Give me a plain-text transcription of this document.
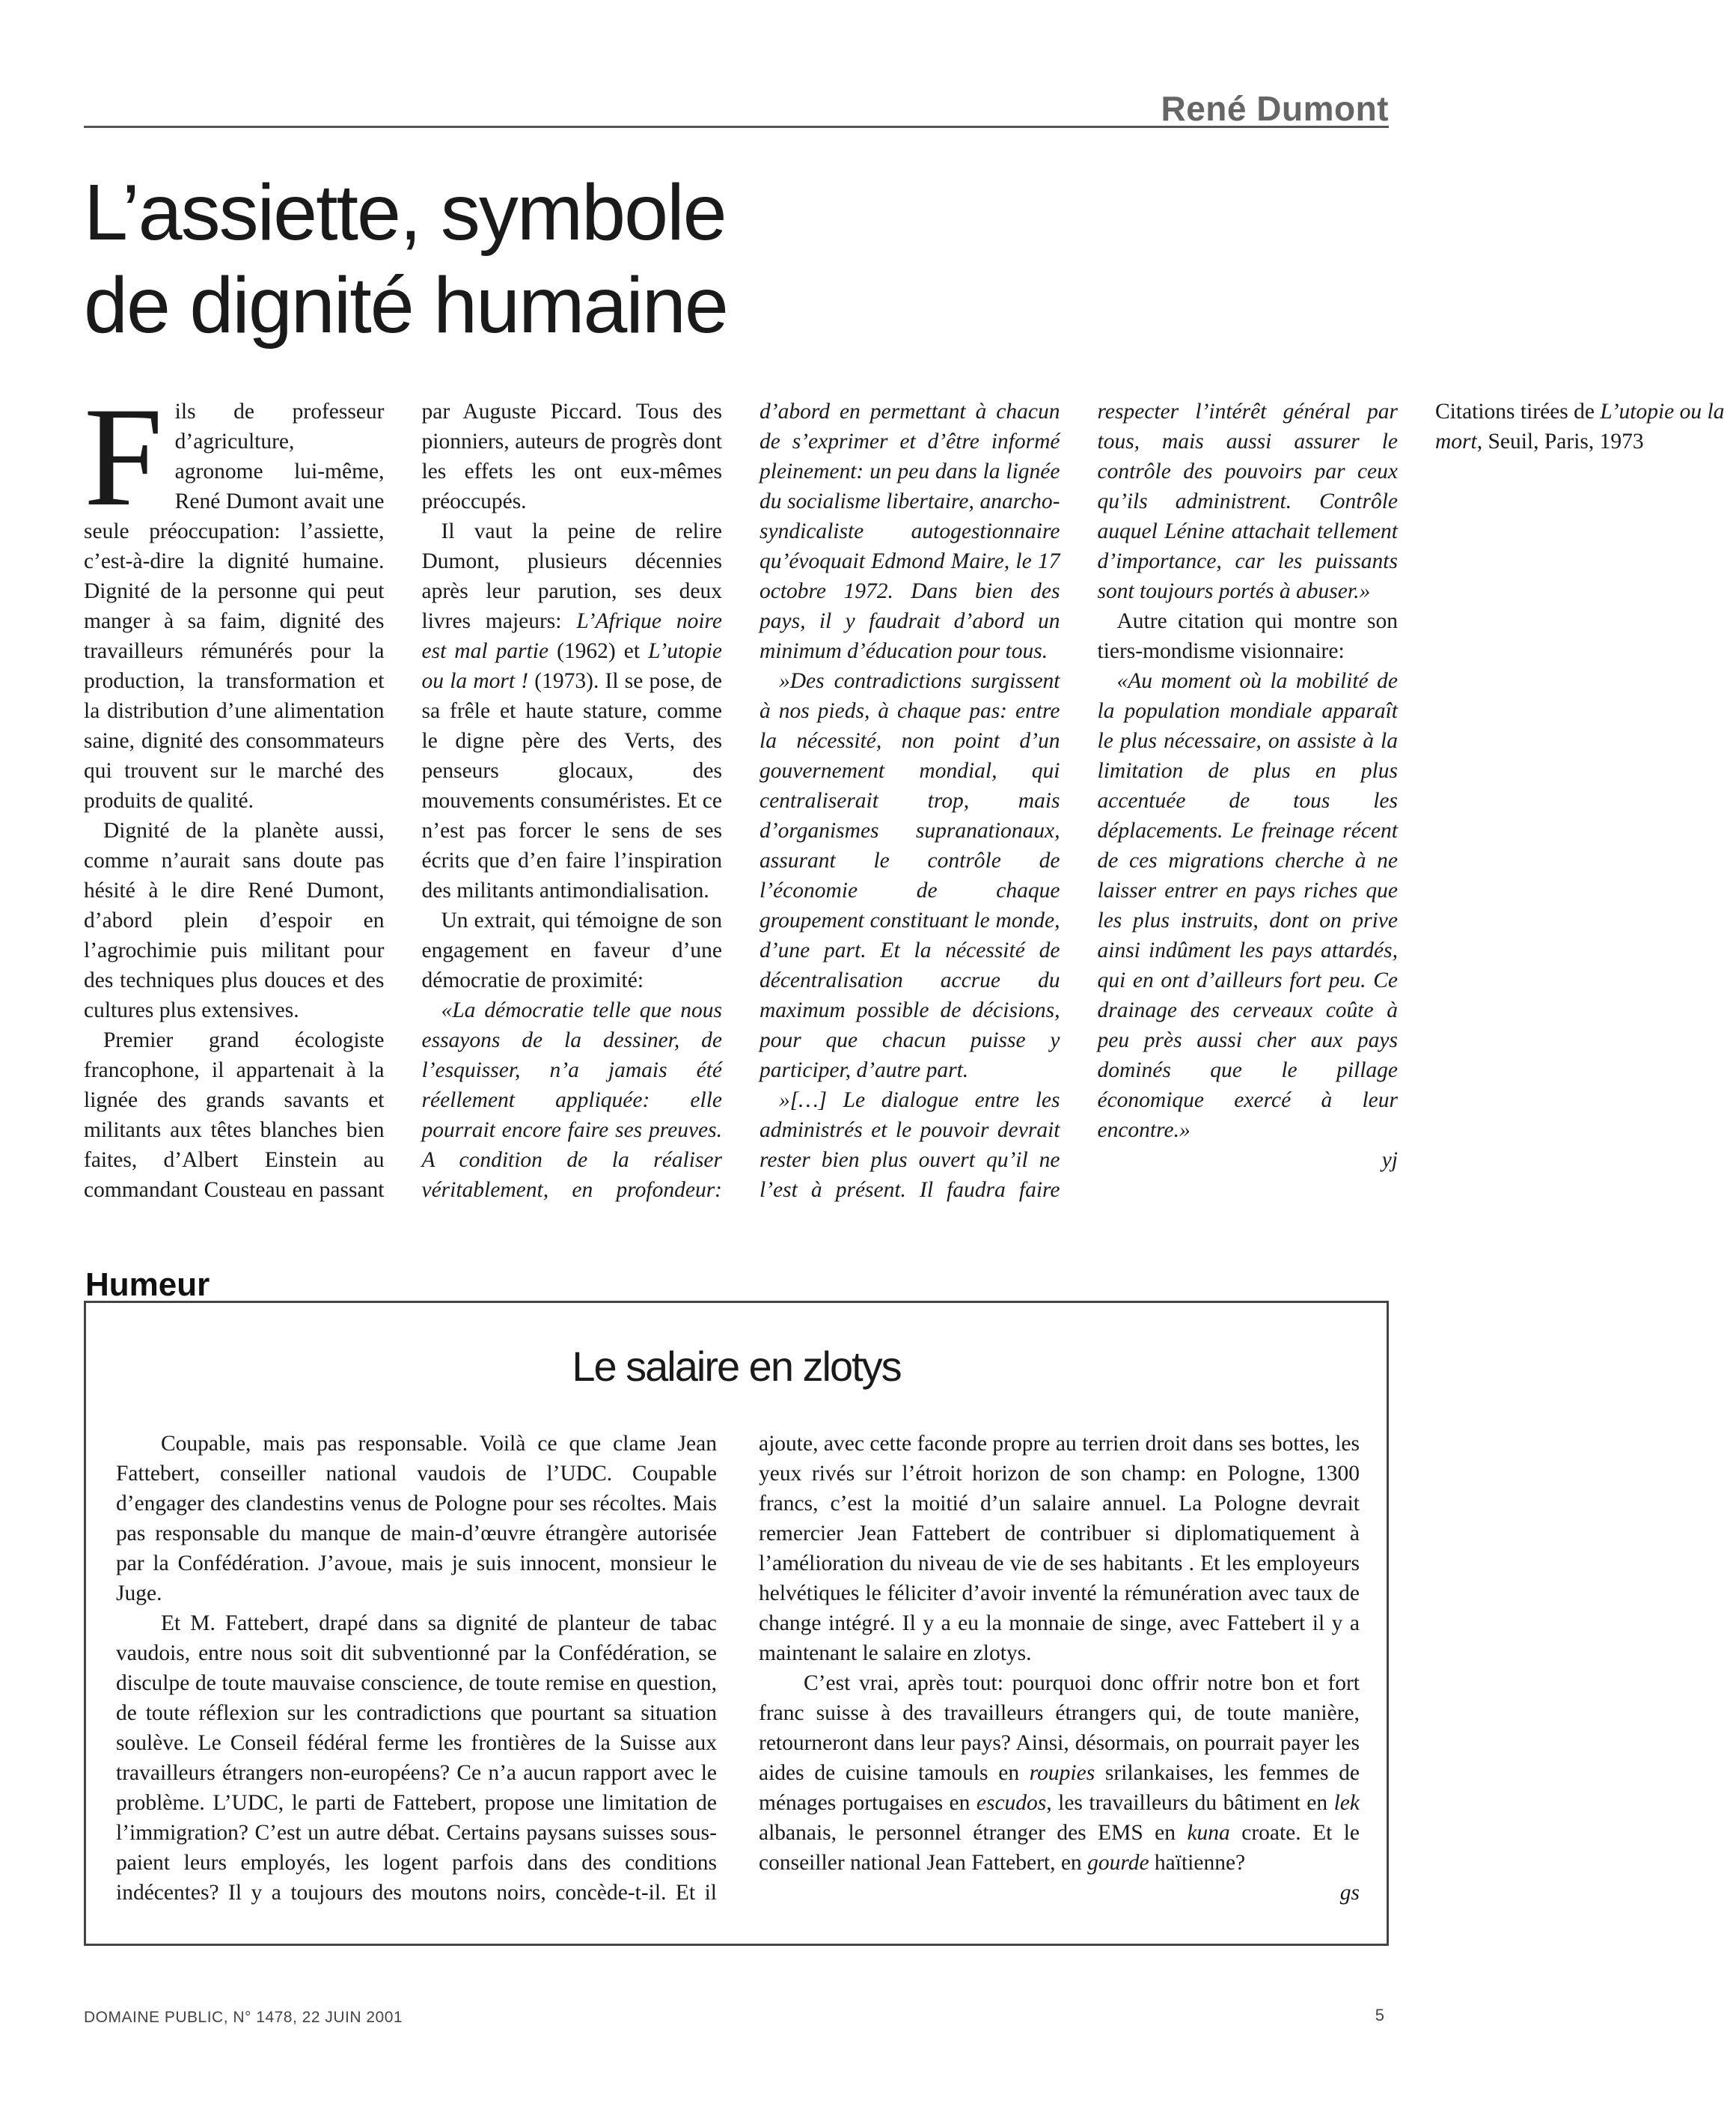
René Dumont
L’assiette, symbole
de dignité humaine

Fils de professeur d’agriculture, agronome lui-même, René Dumont avait une seule préoccupation: l’assiette, c’est-à-dire la dignité humaine. Dignité de la personne qui peut manger à sa faim, dignité des travailleurs rémunérés pour la production, la transformation et la distribution d’une alimentation saine, dignité des consommateurs qui trouvent sur le marché des produits de qualité.

Dignité de la planète aussi, comme n’aurait sans doute pas hésité à le dire René Dumont, d’abord plein d’espoir en l’agrochimie puis militant pour des techniques plus douces et des cultures plus extensives.

Premier grand écologiste francophone, il appartenait à la lignée des grands savants et militants aux têtes blanches bien faites, d’Albert Einstein au commandant Cousteau en passant par Auguste Piccard. Tous des pionniers, auteurs de progrès dont les effets les ont eux-mêmes préoccupés.

Il vaut la peine de relire Dumont, plusieurs décennies après leur parution, ses deux livres majeurs: L’Afrique noire est mal partie (1962) et L’utopie ou la mort ! (1973). Il se pose, de sa frêle et haute stature, comme le digne père des Verts, des penseurs glocaux, des mouvements consuméristes. Et ce n’est pas forcer le sens de ses écrits que d’en faire l’inspiration des militants antimondialisation.

Un extrait, qui témoigne de son engagement en faveur d’une démocratie de proximité:

«La démocratie telle que nous essayons de la dessiner, de l’esquisser, n’a jamais été réellement appliquée: elle pourrait encore faire ses preuves. A condition de la réaliser véritablement, en profondeur: d’abord en permettant à chacun de s’exprimer et d’être informé pleinement: un peu dans la lignée du socialisme libertaire, anarcho-syndicaliste autogestionnaire qu’évoquait Edmond Maire, le 17 octobre 1972. Dans bien des pays, il y faudrait d’abord un minimum d’éducation pour tous.

»Des contradictions surgissent à nos pieds, à chaque pas: entre la nécessité, non point d’un gouvernement mondial, qui centraliserait trop, mais d’organismes supranationaux, assurant le contrôle de l’économie de chaque groupement constituant le monde, d’une part. Et la nécessité de décentralisation accrue du maximum possible de décisions, pour que chacun puisse y participer, d’autre part.

»[…] Le dialogue entre les administrés et le pouvoir devrait rester bien plus ouvert qu’il ne l’est à présent. Il faudra faire respecter l’intérêt général par tous, mais aussi assurer le contrôle des pouvoirs par ceux qu’ils administrent. Contrôle auquel Lénine attachait tellement d’importance, car les puissants sont toujours portés à abuser.»

Autre citation qui montre son tiers-mondisme visionnaire:

«Au moment où la mobilité de la population mondiale apparaît le plus nécessaire, on assiste à la limitation de plus en plus accentuée de tous les déplacements. Le freinage récent de ces migrations cherche à ne laisser entrer en pays riches que les plus instruits, dont on prive ainsi indûment les pays attardés, qui en ont d’ailleurs fort peu. Ce drainage des cerveaux coûte à peu près aussi cher aux pays dominés que le pillage économique exercé à leur encontre.»

yj

Citations tirées de L’utopie ou la mort, Seuil, Paris, 1973

Humeur
Le salaire en zlotys

Coupable, mais pas responsable. Voilà ce que clame Jean Fattebert, conseiller national vaudois de l’UDC. Coupable d’engager des clandestins venus de Pologne pour ses récoltes. Mais pas responsable du manque de main-d’œuvre étrangère autorisée par la Confédération. J’avoue, mais je suis innocent, monsieur le Juge.

Et M. Fattebert, drapé dans sa dignité de planteur de tabac vaudois, entre nous soit dit subventionné par la Confédération, se disculpe de toute mauvaise conscience, de toute remise en question, de toute réflexion sur les contradictions que pourtant sa situation soulève. Le Conseil fédéral ferme les frontières de la Suisse aux travailleurs étrangers non-européens? Ce n’a aucun rapport avec le problème. L’UDC, le parti de Fattebert, propose une limitation de l’immigration? C’est un autre débat. Certains paysans suisses sous-paient leurs employés, les logent parfois dans des conditions indécentes? Il y a toujours des moutons noirs, concède-t-il. Et il ajoute, avec cette faconde propre au terrien droit dans ses bottes, les yeux rivés sur l’étroit horizon de son champ: en Pologne, 1300 francs, c’est la moitié d’un salaire annuel. La Pologne devrait remercier Jean Fattebert de contribuer si diplomatiquement à l’amélioration du niveau de vie de ses habitants . Et les employeurs helvétiques le féliciter d’avoir inventé la rémunération avec taux de change intégré. Il y a eu la monnaie de singe, avec Fattebert il y a maintenant le salaire en zlotys.

C’est vrai, après tout: pourquoi donc offrir notre bon et fort franc suisse à des travailleurs étrangers qui, de toute manière, retourneront dans leur pays? Ainsi, désormais, on pourrait payer les aides de cuisine tamouls en roupies srilankaises, les femmes de ménages portugaises en escudos, les travailleurs du bâtiment en lek albanais, le personnel étranger des EMS en kuna croate. Et le conseiller national Jean Fattebert, en gourde haïtienne?

gs

DOMAINE PUBLIC, N° 1478, 22 JUIN 2001	5
